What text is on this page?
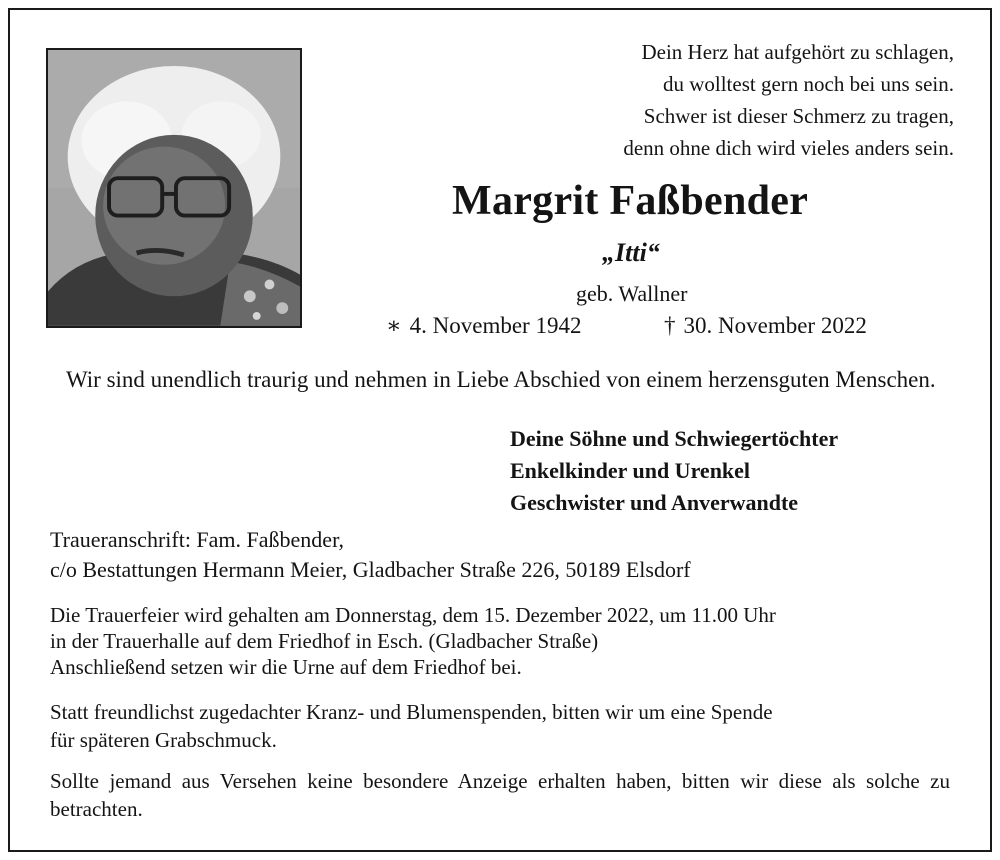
Dein Herz hat aufgehört zu schlagen,
du wolltest gern noch bei uns sein.
Schwer ist dieser Schmerz zu tragen,
denn ohne dich wird vieles anders sein.

Margrit Faßbender

„Itti“

geb. Wallner

∗ 4. November 1942	† 30. November 2022

Wir sind unendlich traurig und nehmen in Liebe Abschied von einem herzensguten Menschen.

Deine Söhne und Schwiegertöchter
Enkelkinder und Urenkel
Geschwister und Anverwandte

Traueranschrift: Fam. Faßbender,
c/o Bestattungen Hermann Meier, Gladbacher Straße 226, 50189 Elsdorf

Die Trauerfeier wird gehalten am Donnerstag, dem 15. Dezember 2022, um 11.00 Uhr
in der Trauerhalle auf dem Friedhof in Esch. (Gladbacher Straße)
Anschließend setzen wir die Urne auf dem Friedhof bei.

Statt freundlichst zugedachter Kranz- und Blumenspenden, bitten wir um eine Spende
für späteren Grabschmuck.

Sollte jemand aus Versehen keine besondere Anzeige erhalten haben, bitten wir diese als solche zu betrachten.
